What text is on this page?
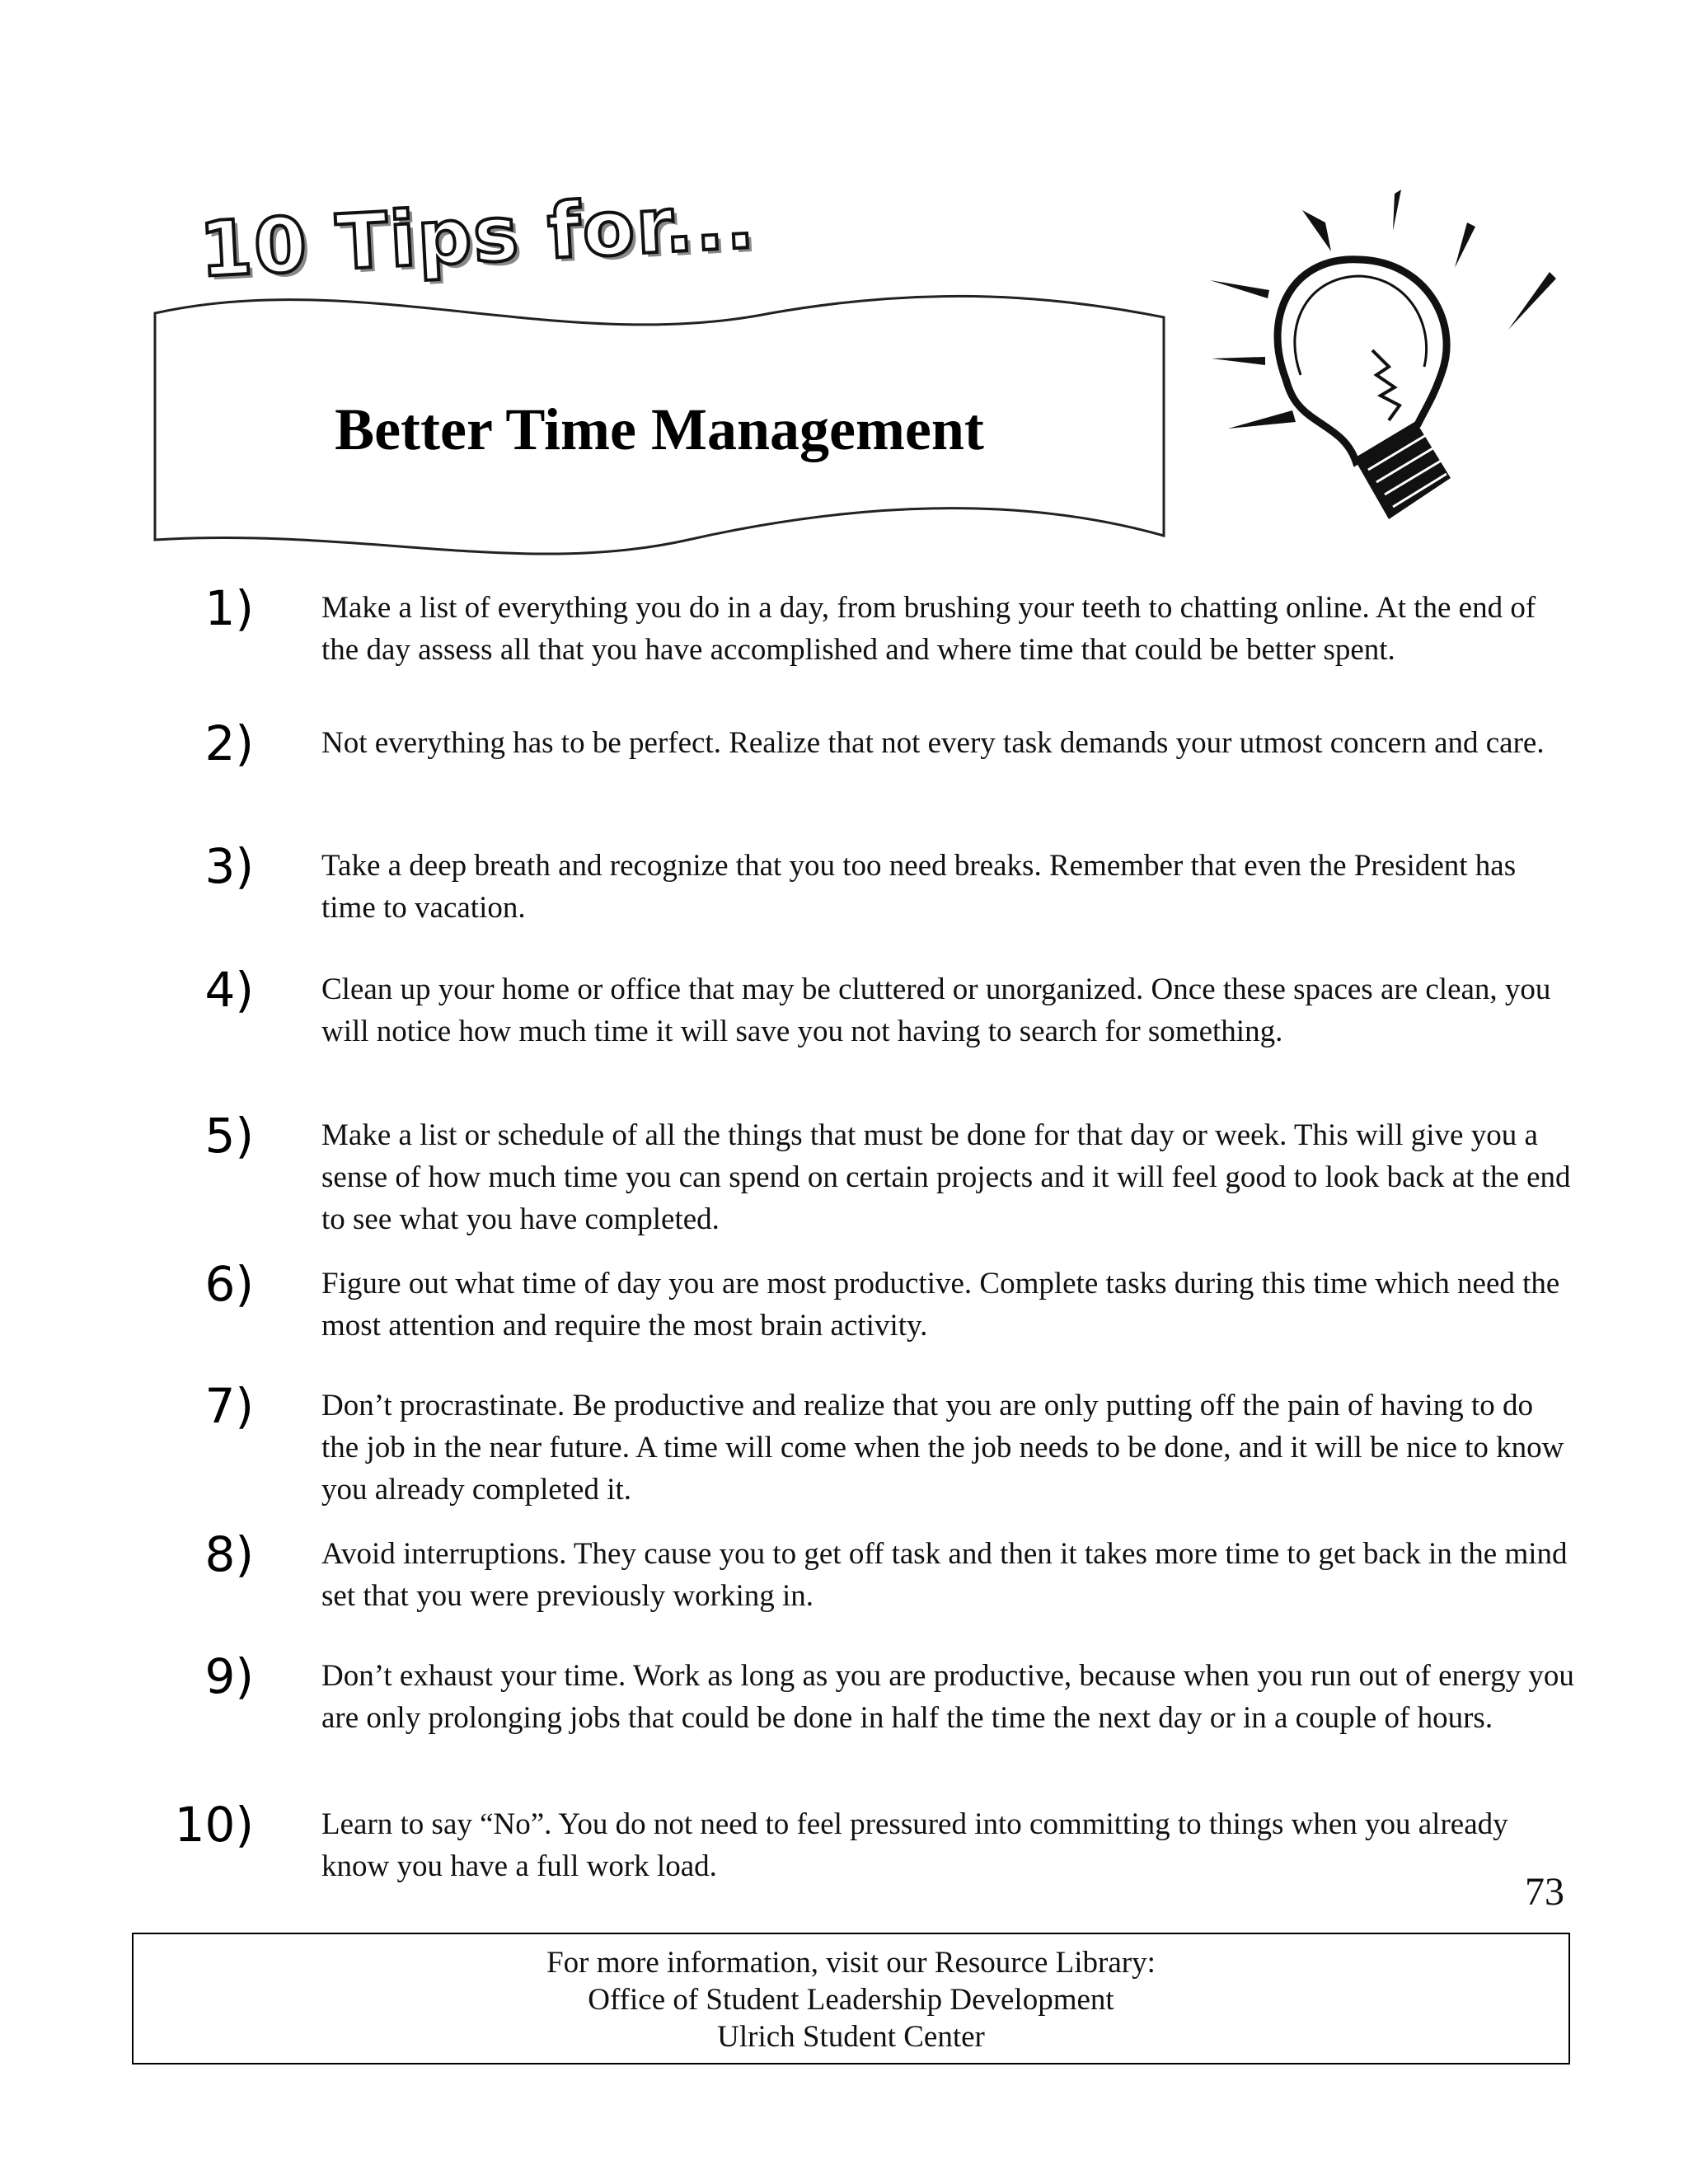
10 Tips for...
Better Time Management
1) Make a list of everything you do in a day, from brushing your teeth to chatting online. At the end of the day assess all that you have accomplished and where time that could be better spent.
2) Not everything has to be perfect. Realize that not every task demands your utmost concern and care.
3) Take a deep breath and recognize that you too need breaks. Remember that even the President has time to vacation.
4) Clean up your home or office that may be cluttered or unorganized. Once these spaces are clean, you will notice how much time it will save you not having to search for something.
5) Make a list or schedule of all the things that must be done for that day or week. This will give you a sense of how much time you can spend on certain projects and it will feel good to look back at the end to see what you have completed.
6) Figure out what time of day you are most productive. Complete tasks during this time which need the most attention and require the most brain activity.
7) Don’t procrastinate. Be productive and realize that you are only putting off the pain of having to do the job in the near future. A time will come when the job needs to be done, and it will be nice to know you already completed it.
8) Avoid interruptions. They cause you to get off task and then it takes more time to get back in the mind set that you were previously working in.
9) Don’t exhaust your time. Work as long as you are productive, because when you run out of energy you are only prolonging jobs that could be done in half the time the next day or in a couple of hours.
10) Learn to say “No”. You do not need to feel pressured into committing to things when you already know you have a full work load.
73
For more information, visit our Resource Library:
Office of Student Leadership Development
Ulrich Student Center
